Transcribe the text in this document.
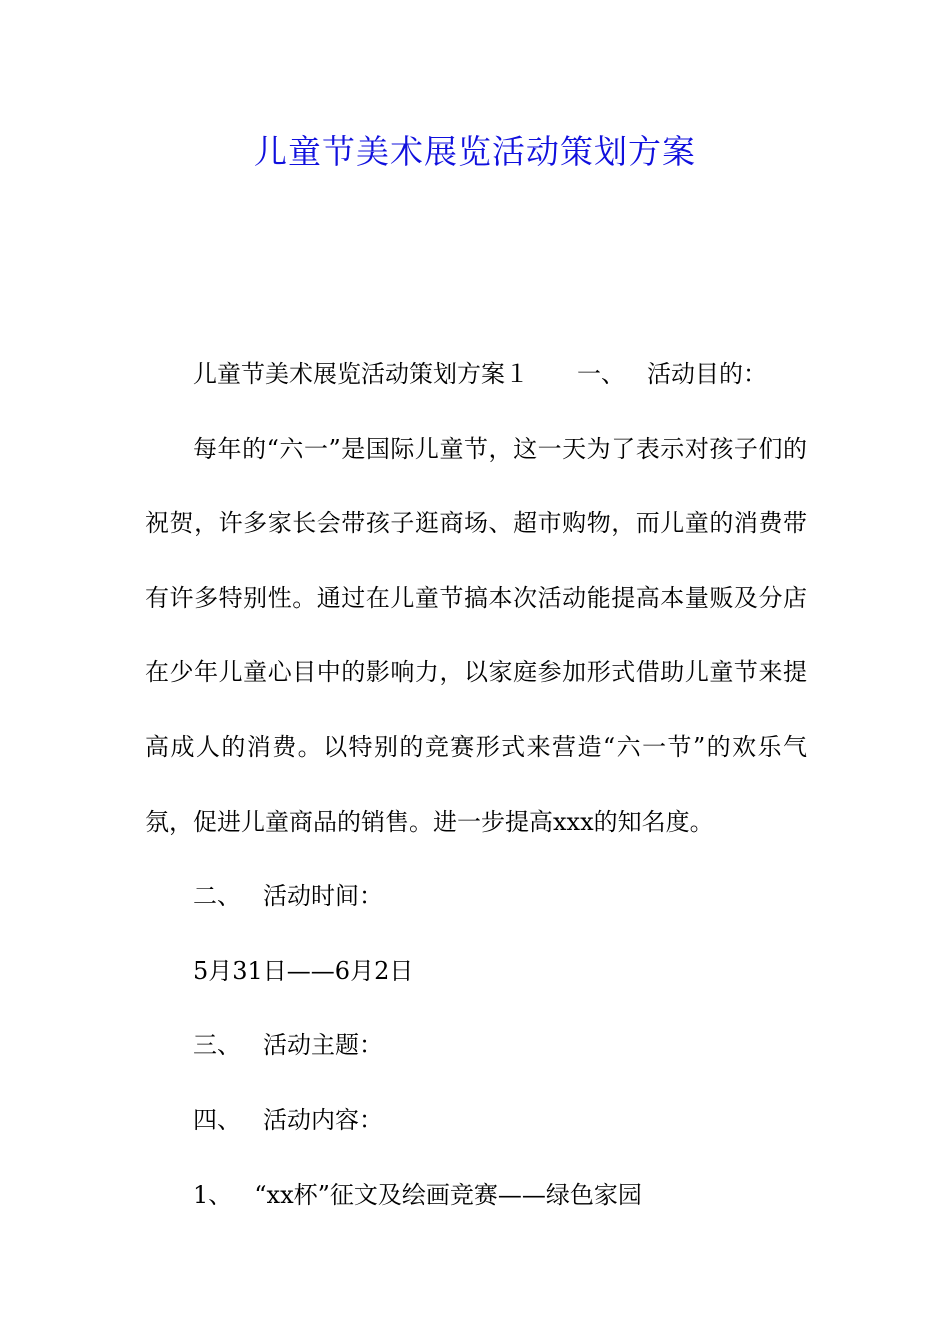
儿童节美术展览活动策划方案

儿童节美术展览活动策划方案１ 一、 活动目的：

每年的“六一”是国际儿童节，这一天为了表示对孩子们的祝贺，许多家长会带孩子逛商场、超市购物，而儿童的消费带有许多特别性。通过在儿童节搞本次活动能提高本量贩及分店在少年儿童心目中的影响力，以家庭参加形式借助儿童节来提高成人的消费。以特别的竞赛形式来营造“六一节”的欢乐气氛，促进儿童商品的销售。进一步提高xxx的知名度。

二、 活动时间：

5月31日——6月2日

三、 活动主题：

四、 活动内容：

1、 “xx杯”征文及绘画竞赛——绿色家园
